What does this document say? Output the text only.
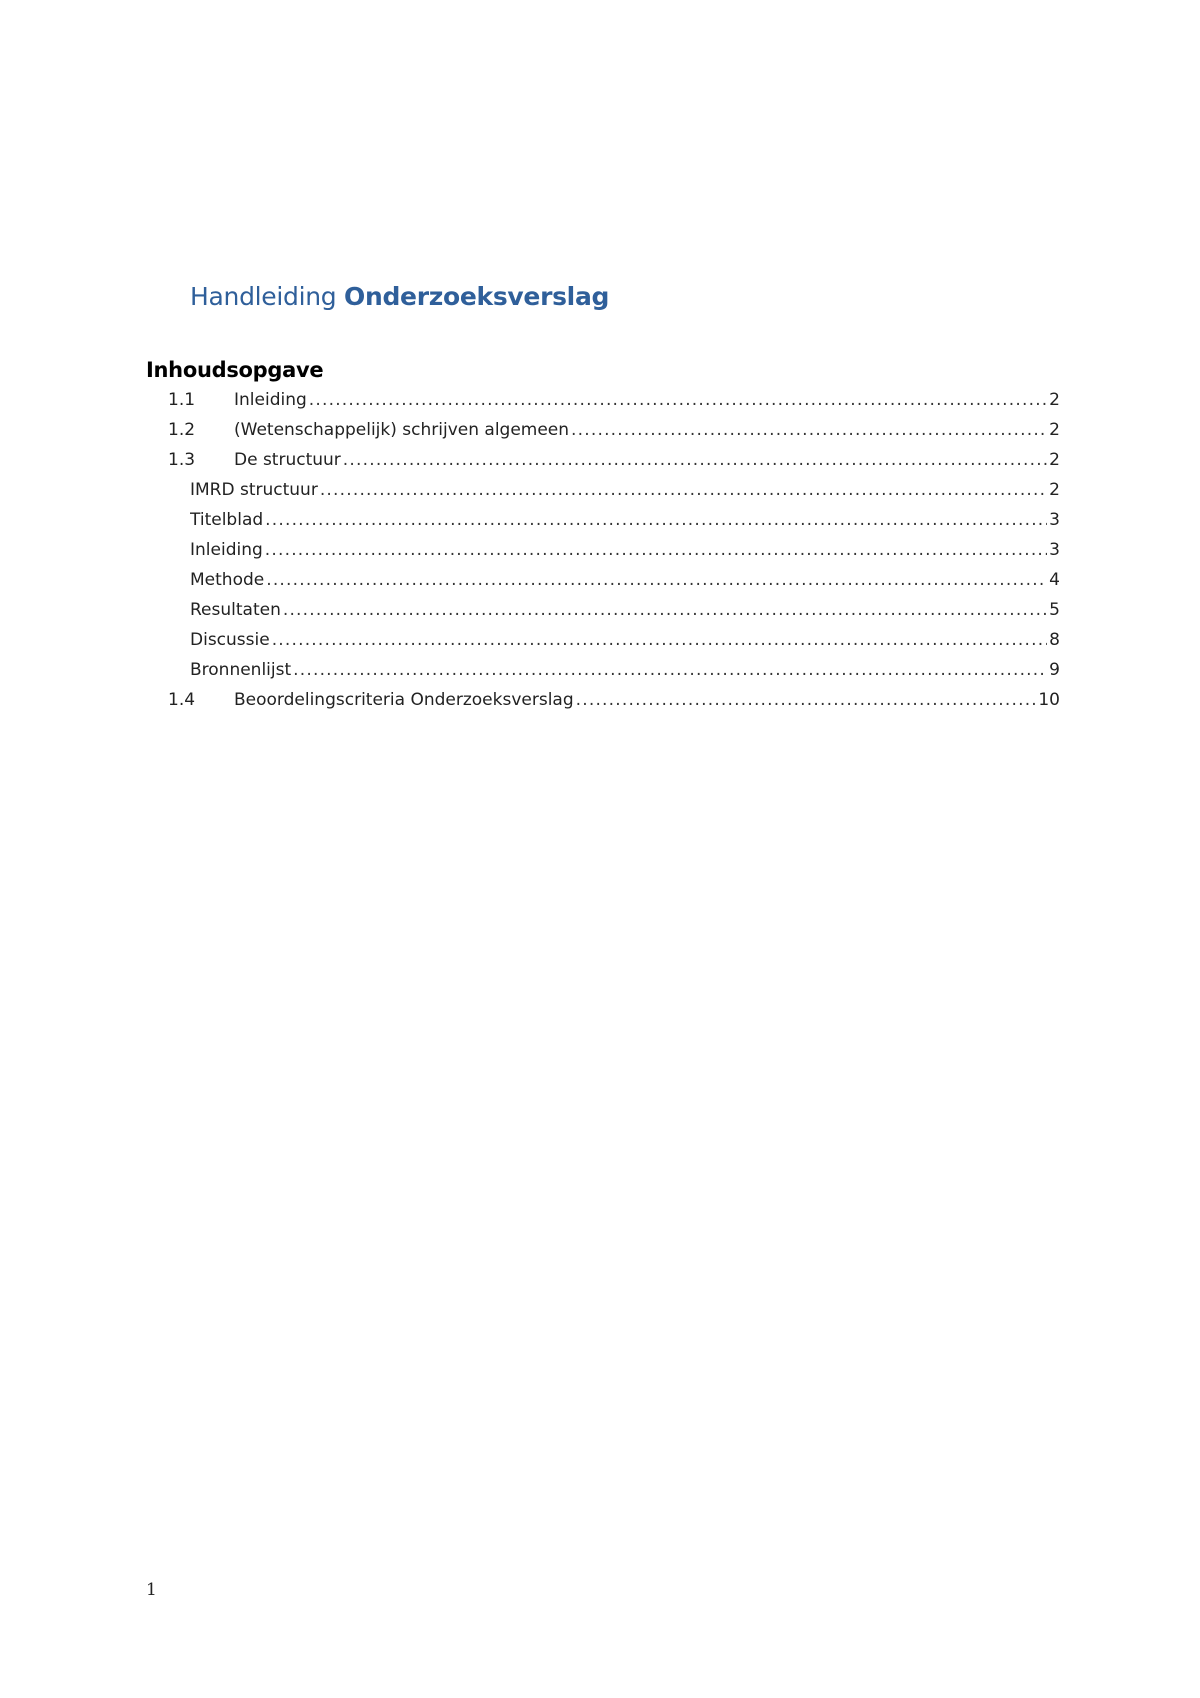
Handleiding Onderzoeksverslag
Inhoudsopgave
1.1	Inleiding .....	2
1.2	(Wetenschappelijk) schrijven algemeen .....	2
1.3	De structuur .....	2
IMRD structuur .....	2
Titelblad .....	3
Inleiding .....	3
Methode .....	4
Resultaten .....	5
Discussie .....	8
Bronnenlijst .....	9
1.4	Beoordelingscriteria Onderzoeksverslag .....	10
1
